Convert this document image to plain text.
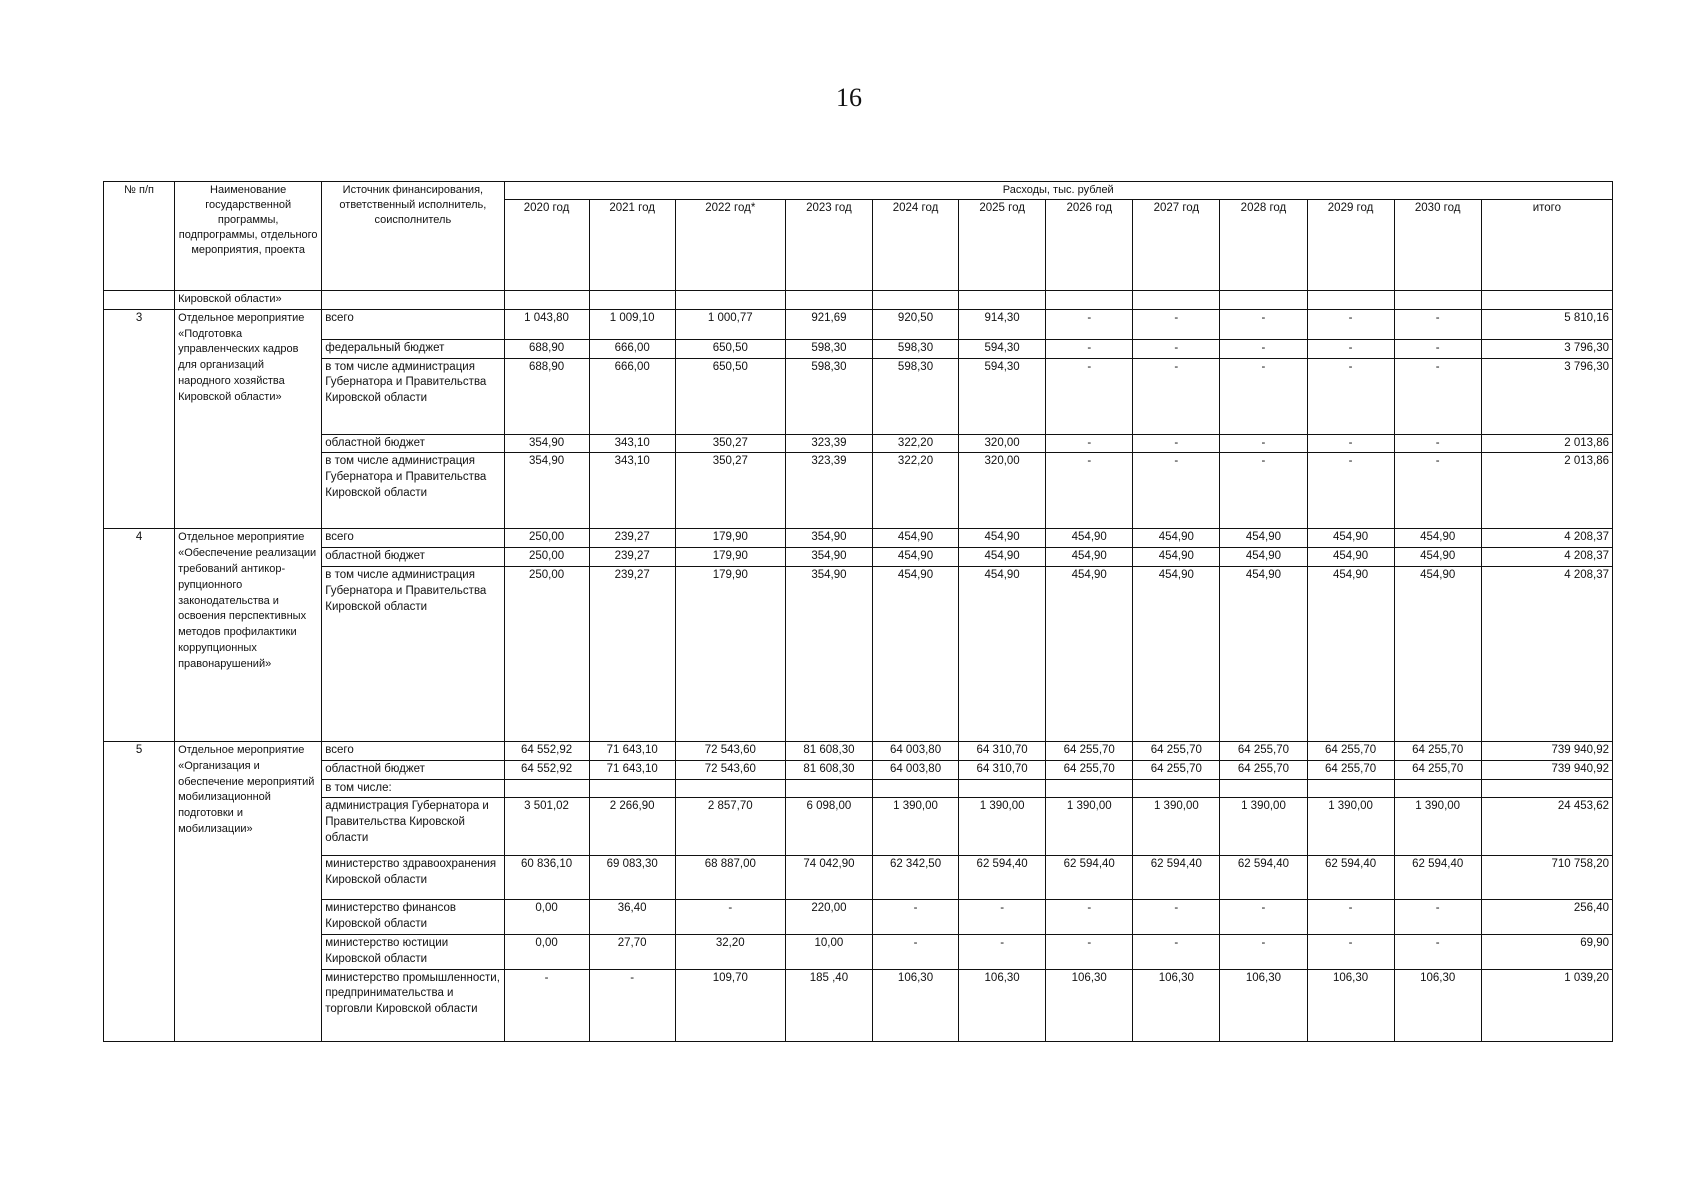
16
№ п/п	Наименование государственной программы, подпрограммы, отдельного мероприятия, проекта	Источник финансирования, ответственный исполнитель, соисполнитель	Расходы, тыс. рублей											
			2020 год	2021 год	2022 год*	2023 год	2024 год	2025 год	2026 год	2027 год	2028 год	2029 год	2030 год	итого
	Кировской области»													
3	Отдельное мероприятие «Подготовка управленческих кадров для организаций народного хозяйства Кировской области»	всего	1 043,80	1 009,10	1 000,77	921,69	920,50	914,30	-	-	-	-	-	5 810,16
		федеральный бюджет	688,90	666,00	650,50	598,30	598,30	594,30	-	-	-	-	-	3 796,30
		в том числе администрация Губернатора и Правительства Кировской области	688,90	666,00	650,50	598,30	598,30	594,30	-	-	-	-	-	3 796,30
		областной бюджет	354,90	343,10	350,27	323,39	322,20	320,00	-	-	-	-	-	2 013,86
		в том числе администрация Губернатора и Правительства Кировской области	354,90	343,10	350,27	323,39	322,20	320,00	-	-	-	-	-	2 013,86
4	Отдельное мероприятие «Обеспечение реализации требований антикор- рупционного законодательства и освоения перспективных методов профилактики коррупционных правонарушений»	всего	250,00	239,27	179,90	354,90	454,90	454,90	454,90	454,90	454,90	454,90	454,90	4 208,37
		областной бюджет	250,00	239,27	179,90	354,90	454,90	454,90	454,90	454,90	454,90	454,90	454,90	4 208,37
		в том числе администрация Губернатора и Правительства Кировской области	250,00	239,27	179,90	354,90	454,90	454,90	454,90	454,90	454,90	454,90	454,90	4 208,37
5	Отдельное мероприятие «Организация и обеспечение мероприятий мобилизационной подготовки и мобилизации»	всего	64 552,92	71 643,10	72 543,60	81 608,30	64 003,80	64 310,70	64 255,70	64 255,70	64 255,70	64 255,70	64 255,70	739 940,92
		областной бюджет	64 552,92	71 643,10	72 543,60	81 608,30	64 003,80	64 310,70	64 255,70	64 255,70	64 255,70	64 255,70	64 255,70	739 940,92
		в том числе:												
		администрация Губернатора и Правительства Кировской области	3 501,02	2 266,90	2 857,70	6 098,00	1 390,00	1 390,00	1 390,00	1 390,00	1 390,00	1 390,00	1 390,00	24 453,62
		министерство здравоохранения Кировской области	60 836,10	69 083,30	68 887,00	74 042,90	62 342,50	62 594,40	62 594,40	62 594,40	62 594,40	62 594,40	62 594,40	710 758,20
		министерство финансов Кировской области	0,00	36,40	-	220,00	-	-	-	-	-	-	-	256,40
		министерство юстиции Кировской области	0,00	27,70	32,20	10,00	-	-	-	-	-	-	-	69,90
		министерство промышленности, предпринимательства и торговли Кировской области	-	-	109,70	185 ,40	106,30	106,30	106,30	106,30	106,30	106,30	106,30	1 039,20
